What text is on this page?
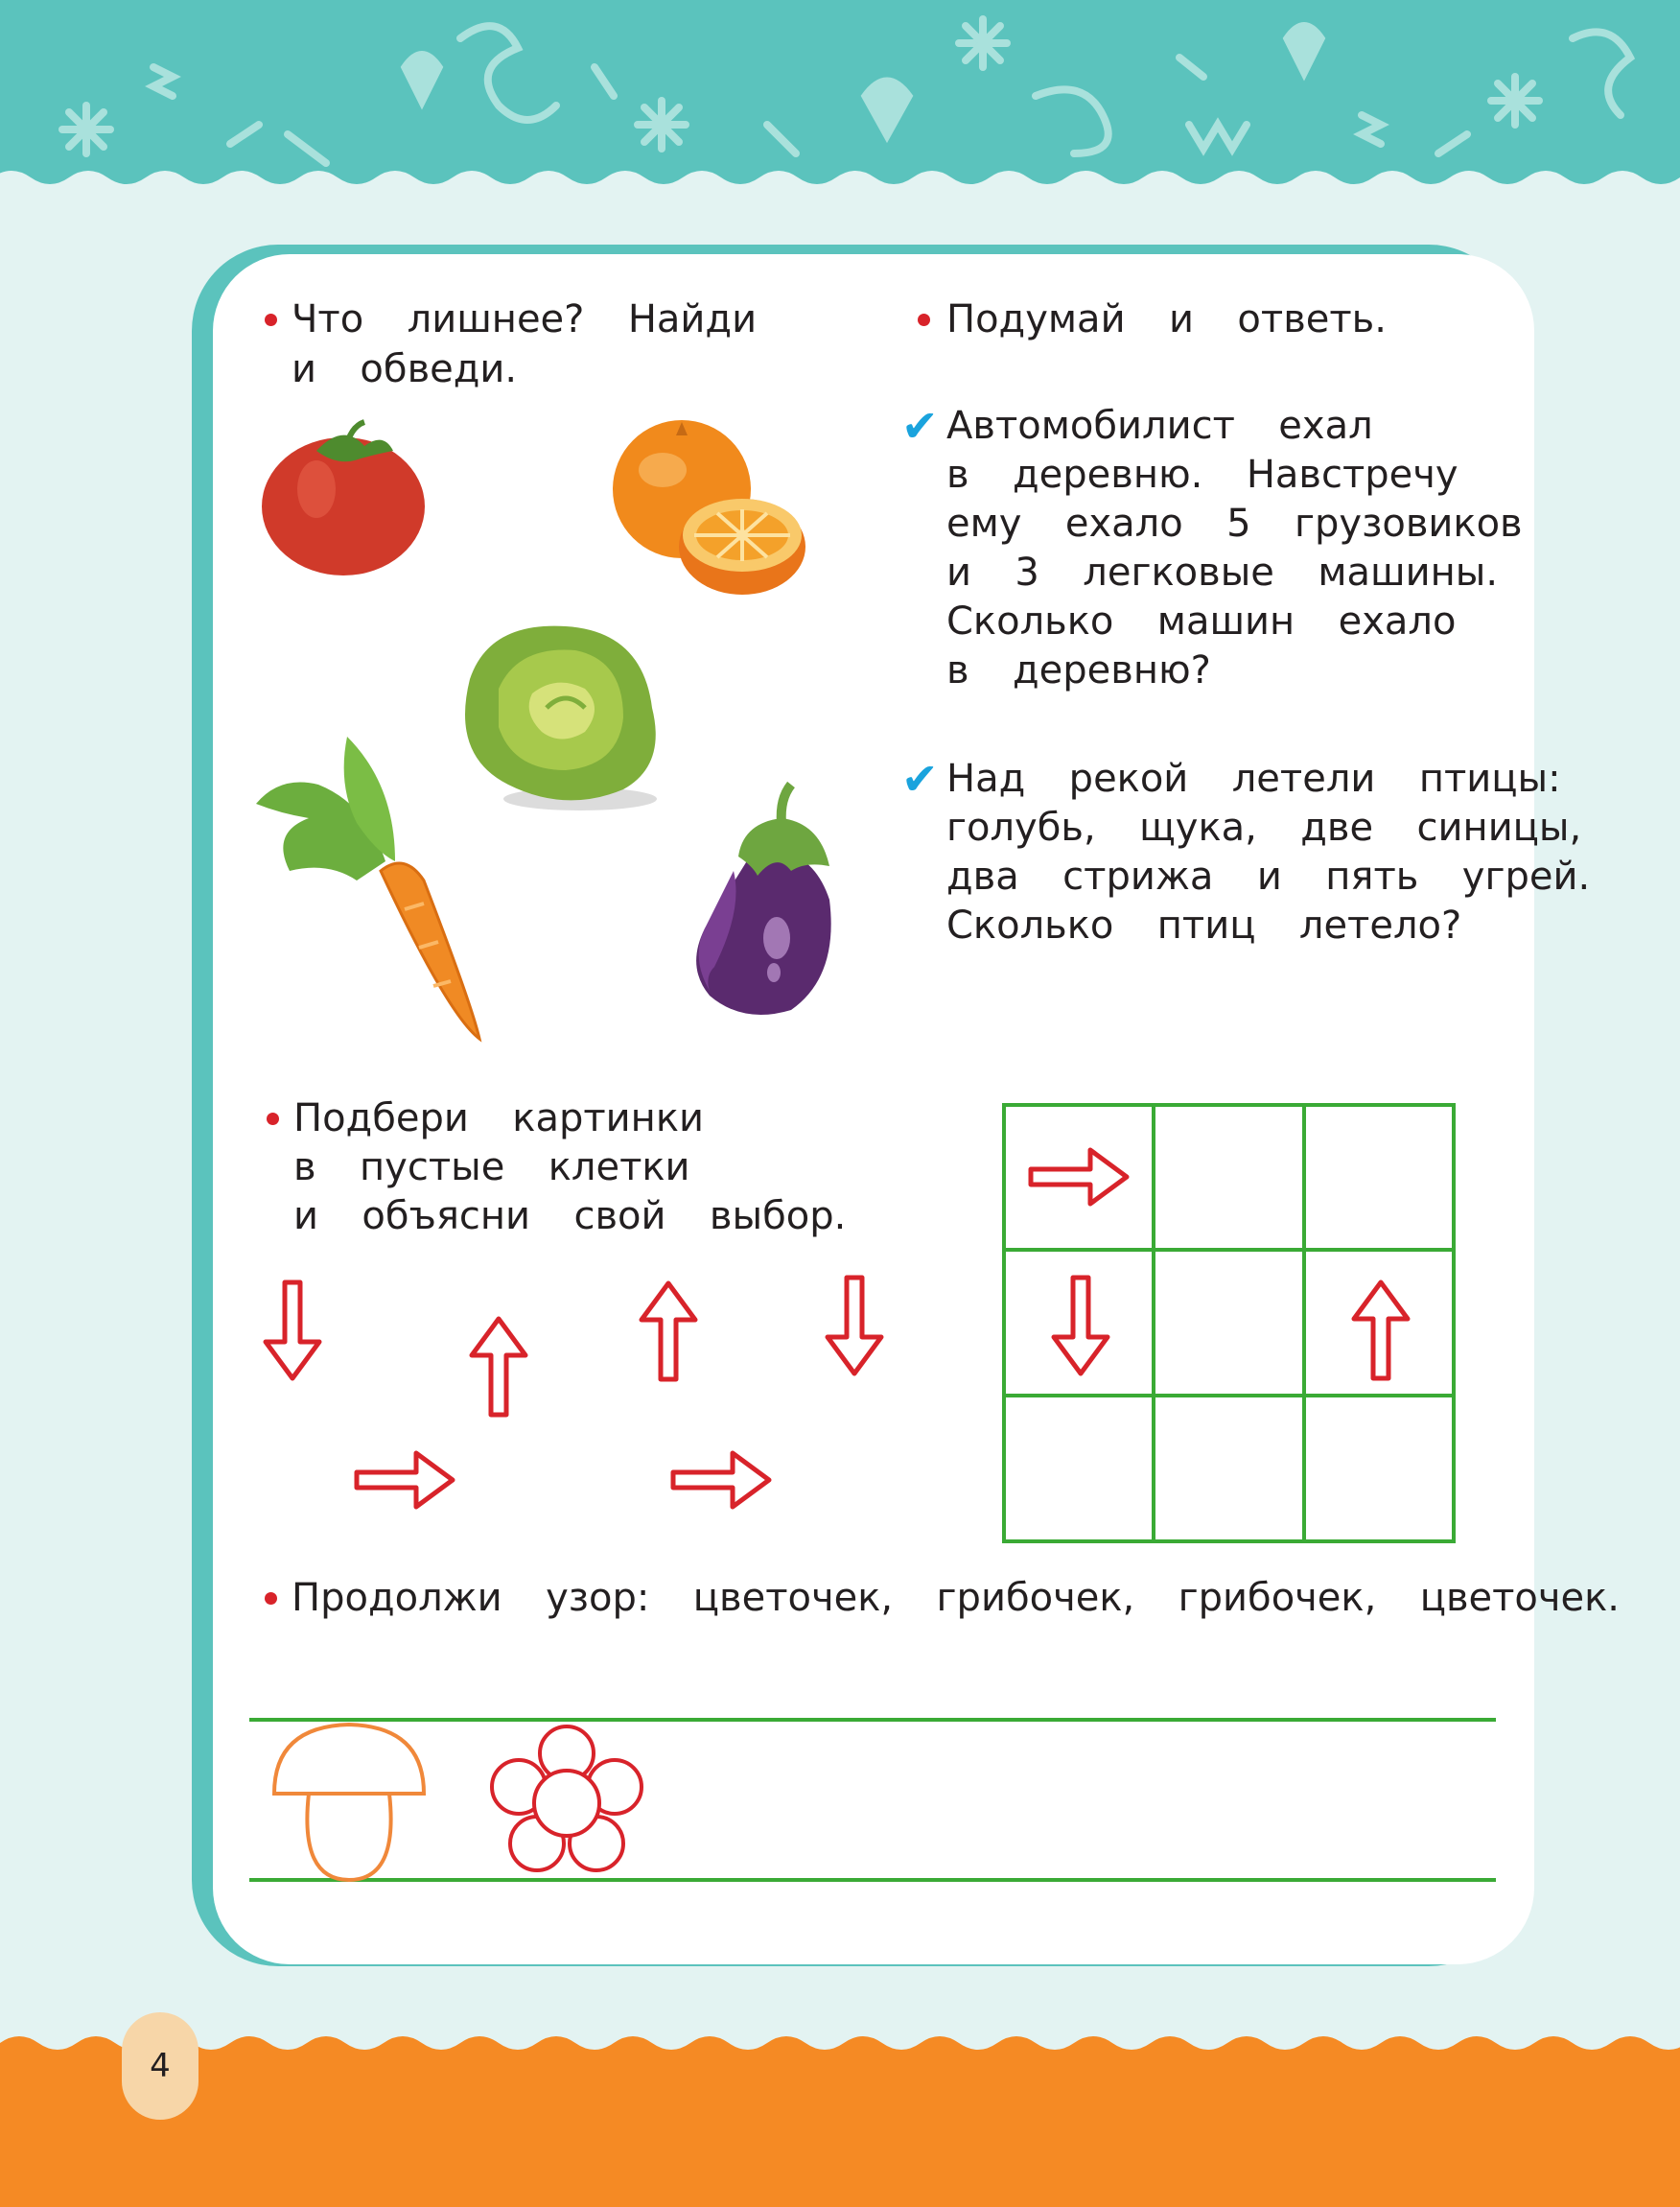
Что  лишнее?  Найди
и  обведи.
Подумай  и  ответь.
✔ Автомобилист  ехал
в  деревню.  Навстречу
ему  ехало  5  грузовиков
и  3  легковые  машины.
Сколько  машин  ехало
в  деревню?
✔ Над  рекой  летели  птицы:
голубь,  щука,  две  синицы,
два  стрижа  и  пять  угрей.
Сколько  птиц  летело?
Подбери  картинки
в  пустые  клетки
и  объясни  свой  выбор.
Продолжи  узор:  цветочек,  грибочек,  грибочек,  цветочек.
4
